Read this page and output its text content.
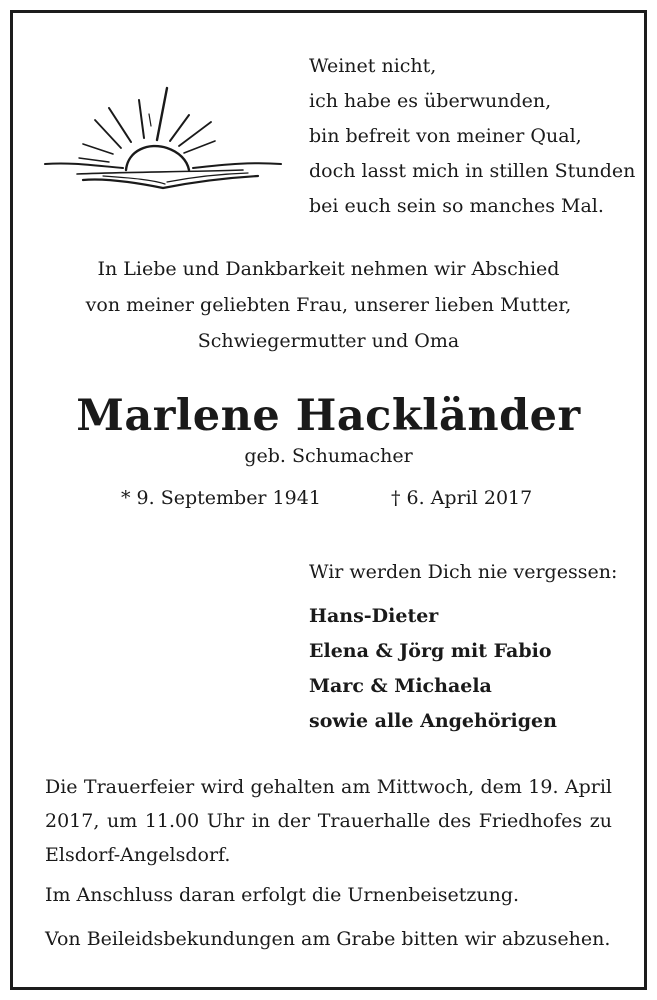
Weinet nicht,
ich habe es überwunden,
bin befreit von meiner Qual,
doch lasst mich in stillen Stunden
bei euch sein so manches Mal.
In Liebe und Dankbarkeit nehmen wir Abschied
von meiner geliebten Frau, unserer lieben Mutter,
Schwiegermutter und Oma
Marlene Hackländer
geb. Schumacher
* 9. September 1941	† 6. April 2017
Wir werden Dich nie vergessen:
Hans-Dieter
Elena & Jörg mit Fabio
Marc & Michaela
sowie alle Angehörigen
Die Trauerfeier wird gehalten am Mittwoch, dem 19. April 2017, um 11.00 Uhr in der Trauerhalle des Friedhofes zu Elsdorf-Angelsdorf.
Im Anschluss daran erfolgt die Urnenbeisetzung.
Von Beileidsbekundungen am Grabe bitten wir abzusehen.
